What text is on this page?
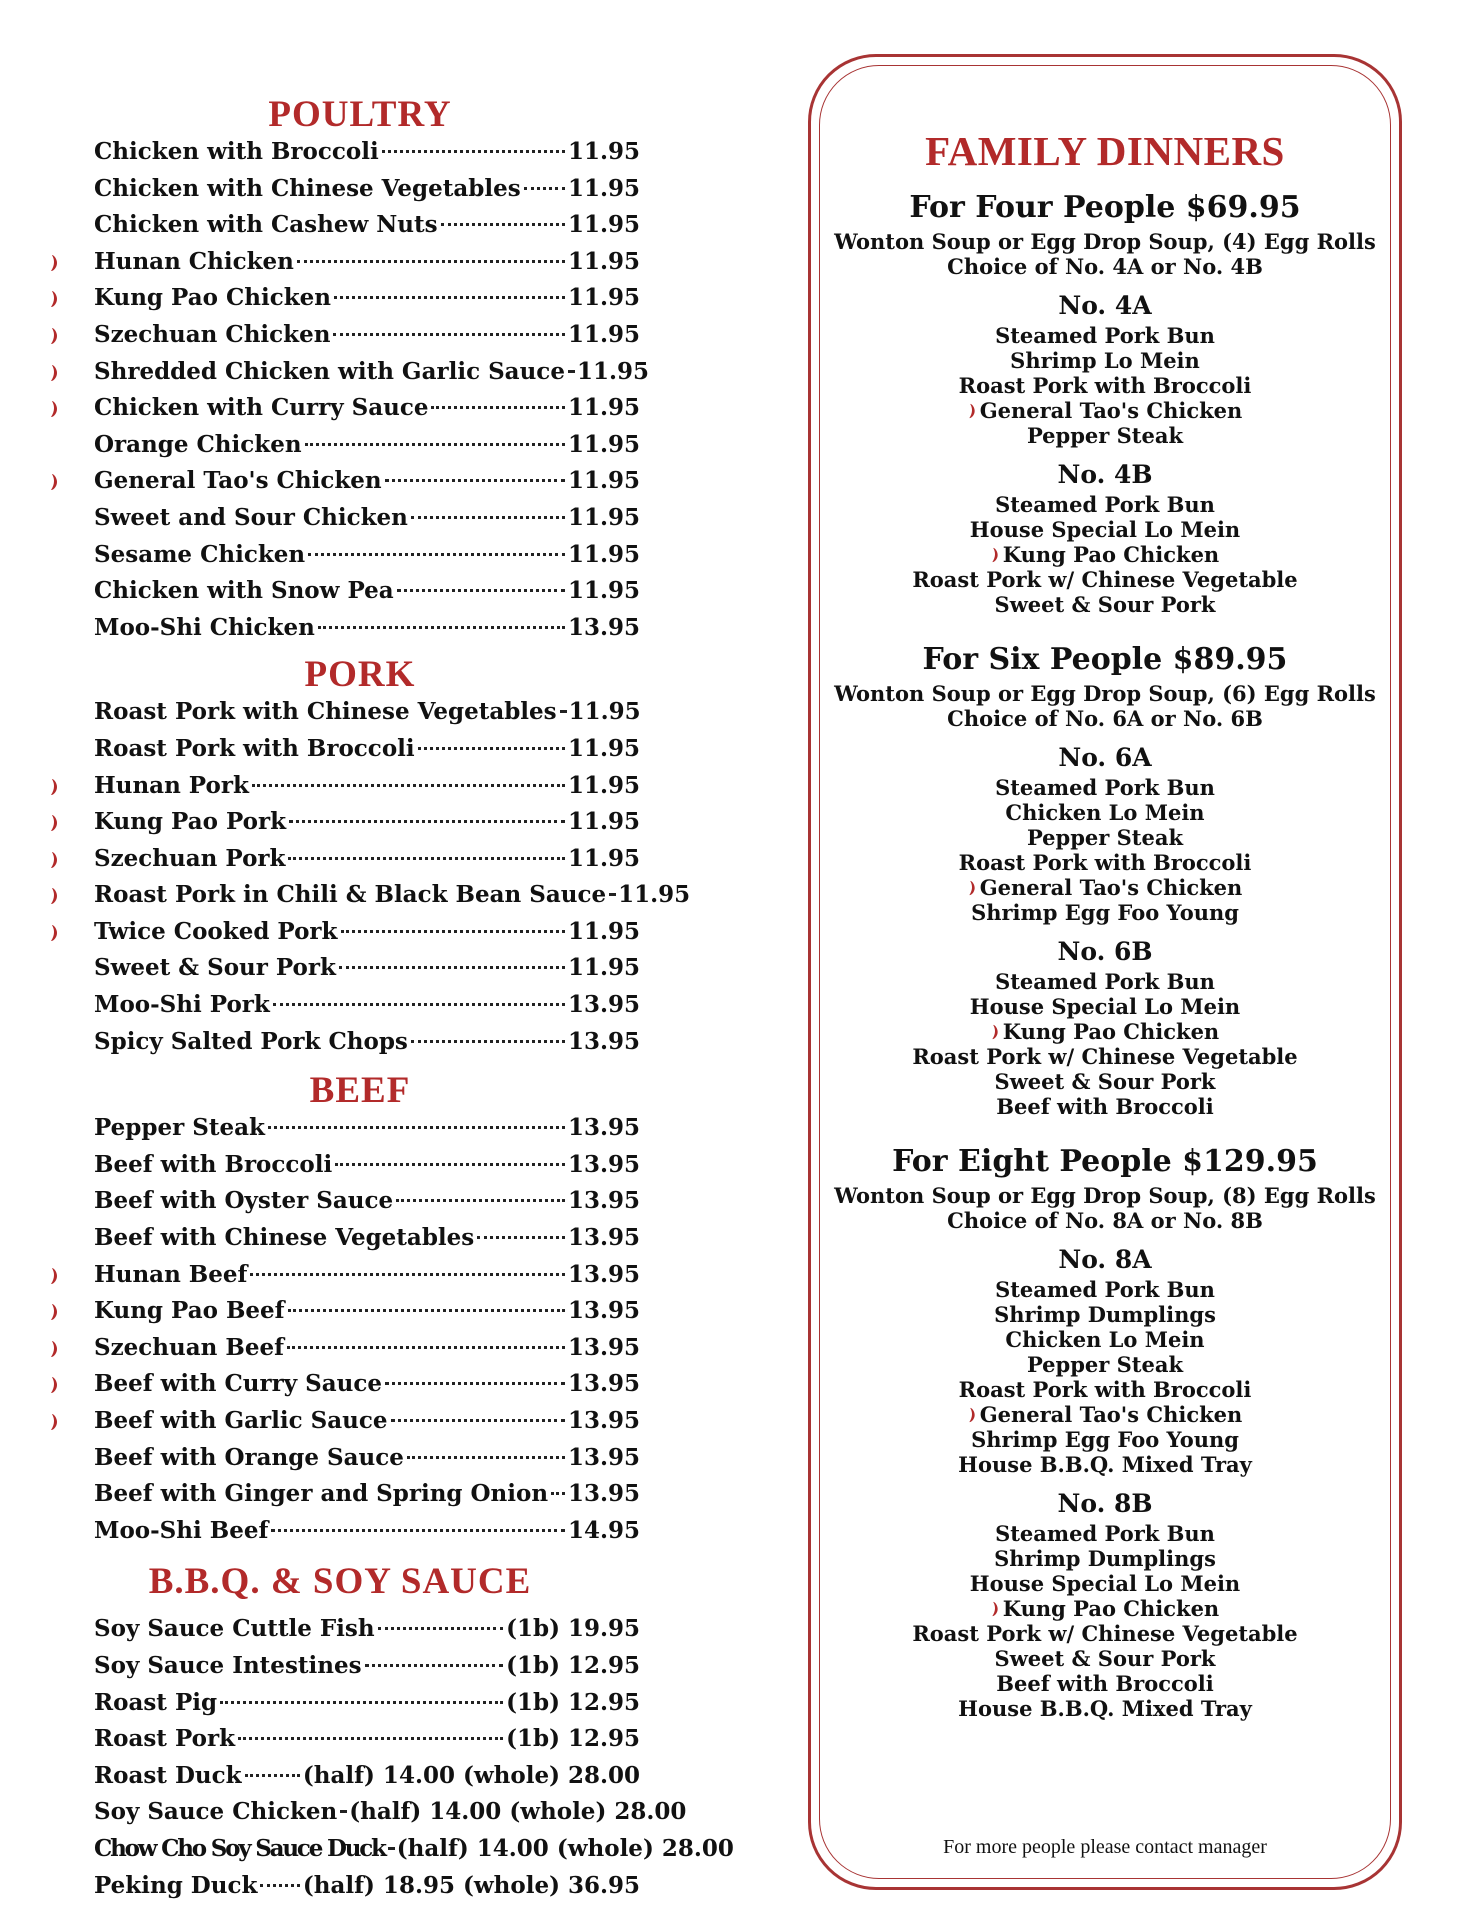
POULTRY
Chicken with Broccoli	11.95
Chicken with Chinese Vegetables 11.95
Chicken with Cashew Nuts	11.95
Hunan Chicken	11.95
Kung Pao Chicken	11.95
Szechuan Chicken	11.95
Shredded Chicken with Garlic Sauce 11.95
Chicken with Curry Sauce	11.95
Orange Chicken	11.95
General Tao's Chicken	11.95
Sweet and Sour Chicken	11.95
Sesame Chicken	11.95
Chicken with Snow Pea	11.95
Moo-Shi Chicken	13.95
PORK
Roast Pork with Chinese Vegetables 11.95
Roast Pork with Broccoli	11.95
Hunan Pork	11.95
Kung Pao Pork	11.95
Szechuan Pork	11.95
Roast Pork in Chili & Black Bean Sauce 11.95
Twice Cooked Pork	11.95
Sweet & Sour Pork	11.95
Moo-Shi Pork	13.95
Spicy Salted Pork Chops	13.95
BEEF
Pepper Steak	13.95
Beef with Broccoli	13.95
Beef with Oyster Sauce	13.95
Beef with Chinese Vegetables	13.95
Hunan Beef	13.95
Kung Pao Beef	13.95
Szechuan Beef	13.95
Beef with Curry Sauce	13.95
Beef with Garlic Sauce	13.95
Beef with Orange Sauce	13.95
Beef with Ginger and Spring Onion 13.95
Moo-Shi Beef	14.95
B.B.Q. & SOY SAUCE
Soy Sauce Cuttle Fish	(1b) 19.95
Soy Sauce Intestines	(1b) 12.95
Roast Pig	(1b) 12.95
Roast Pork	(1b) 12.95
Roast Duck	(half) 14.00 (whole) 28.00
Soy Sauce Chicken (half) 14.00 (whole) 28.00
Chow Cho Soy Sauce Duck (half) 14.00 (whole) 28.00
Peking Duck (half) 18.95 (whole) 36.95
FAMILY DINNERS
For Four People $69.95
Wonton Soup or Egg Drop Soup, (4) Egg Rolls
Choice of No. 4A or No. 4B
No. 4A
Steamed Pork Bun
Shrimp Lo Mein
Roast Pork with Broccoli
General Tao's Chicken
Pepper Steak
No. 4B
Steamed Pork Bun
House Special Lo Mein
Kung Pao Chicken
Roast Pork w/ Chinese Vegetable
Sweet & Sour Pork
For Six People $89.95
Wonton Soup or Egg Drop Soup, (6) Egg Rolls
Choice of No. 6A or No. 6B
No. 6A
Steamed Pork Bun
Chicken Lo Mein
Pepper Steak
Roast Pork with Broccoli
General Tao's Chicken
Shrimp Egg Foo Young
No. 6B
Steamed Pork Bun
House Special Lo Mein
Kung Pao Chicken
Roast Pork w/ Chinese Vegetable
Sweet & Sour Pork
Beef with Broccoli
For Eight People $129.95
Wonton Soup or Egg Drop Soup, (8) Egg Rolls
Choice of No. 8A or No. 8B
No. 8A
Steamed Pork Bun
Shrimp Dumplings
Chicken Lo Mein
Pepper Steak
Roast Pork with Broccoli
General Tao's Chicken
Shrimp Egg Foo Young
House B.B.Q. Mixed Tray
No. 8B
Steamed Pork Bun
Shrimp Dumplings
House Special Lo Mein
Kung Pao Chicken
Roast Pork w/ Chinese Vegetable
Sweet & Sour Pork
Beef with Broccoli
House B.B.Q. Mixed Tray
For more people please contact manager
